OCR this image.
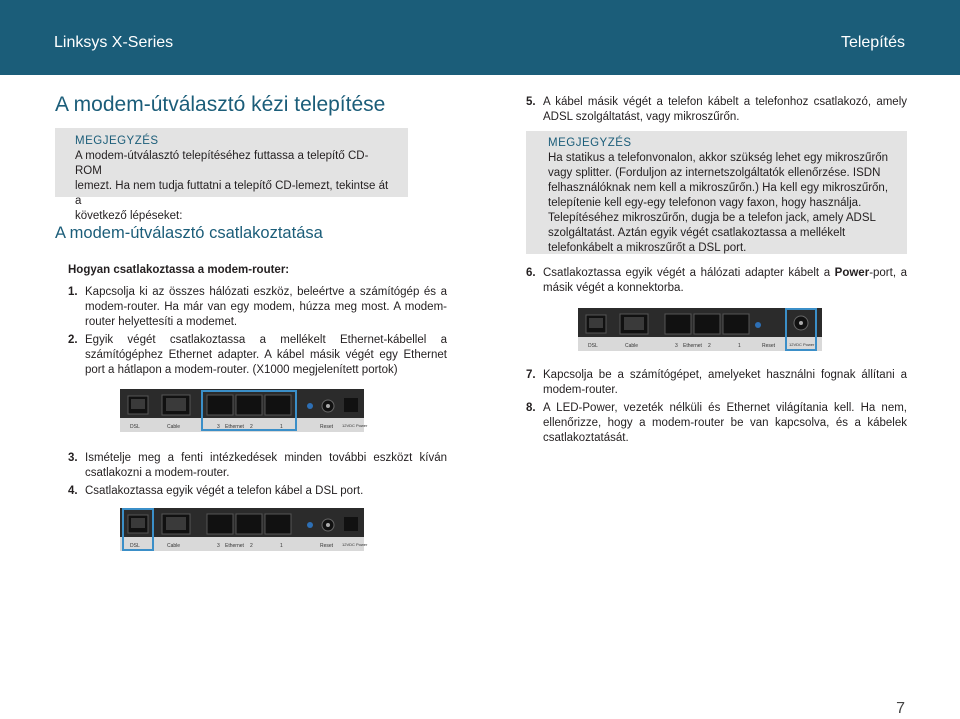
Linksys X-Series	Telepítés
A modem-útválasztó kézi telepítése
MEGJEGYZÉS
A modem-útválasztó telepítéséhez futtassa a telepítő CD-ROM
lemezt. Ha nem tudja futtatni a telepítő CD-lemezt, tekintse át a
következő lépéseket:
A modem-útválasztó csatlakoztatása
Hogyan csatlakoztassa a modem-router:
1. Kapcsolja ki az összes hálózati eszköz, beleértve a számítógép és a modem-router. Ha már van egy modem, húzza meg most. A modem-router helyettesíti a modemet.
2. Egyik végét csatlakoztassa a mellékelt Ethernet-kábellel a számítógéphez Ethernet adapter. A kábel másik végét egy Ethernet port a hátlapon a modem-router. (X1000 megjelenített portok)
DSL	Cable	3 Ethernet 2	1	Reset 12VDC Power
3. Ismételje meg a fenti intézkedések minden további eszközt kíván csatlakozni a modem-router.
4. Csatlakoztassa egyik végét a telefon kábel a DSL port.
DSL	Cable	3 Ethernet 2	1	Reset 12VDC Power
5. A kábel másik végét a telefon kábelt a telefonhoz csatlakozó, amely ADSL szolgáltatást, vagy mikroszűrőn.
MEGJEGYZÉS
Ha statikus a telefonvonalon, akkor szükség lehet egy mikroszűrőn vagy splitter. (Forduljon az internetszolgáltatók ellenőrzése. ISDN felhasználóknak nem kell a mikroszűrőn.) Ha kell egy mikroszűrőn, telepítenie kell egy-egy telefonon vagy faxon, hogy használja. Telepítéséhez mikroszűrőn, dugja be a telefon jack, amely ADSL szolgáltatást. Aztán egyik végét csatlakoztassa a mellékelt telefonkábelt a mikroszűrőt a DSL port.
6. Csatlakoztassa egyik végét a hálózati adapter kábelt a Power-port, a másik végét a konnektorba.
DSL	Cable	3 Ethernet 2	1	Reset	12VDC Power
7. Kapcsolja be a számítógépet, amelyeket használni fognak állítani a modem-router.
8. A LED-Power, vezeték nélküli és Ethernet világítania kell. Ha nem, ellenőrizze, hogy a modem-router be van kapcsolva, és a kábelek csatlakoztatását.
7
